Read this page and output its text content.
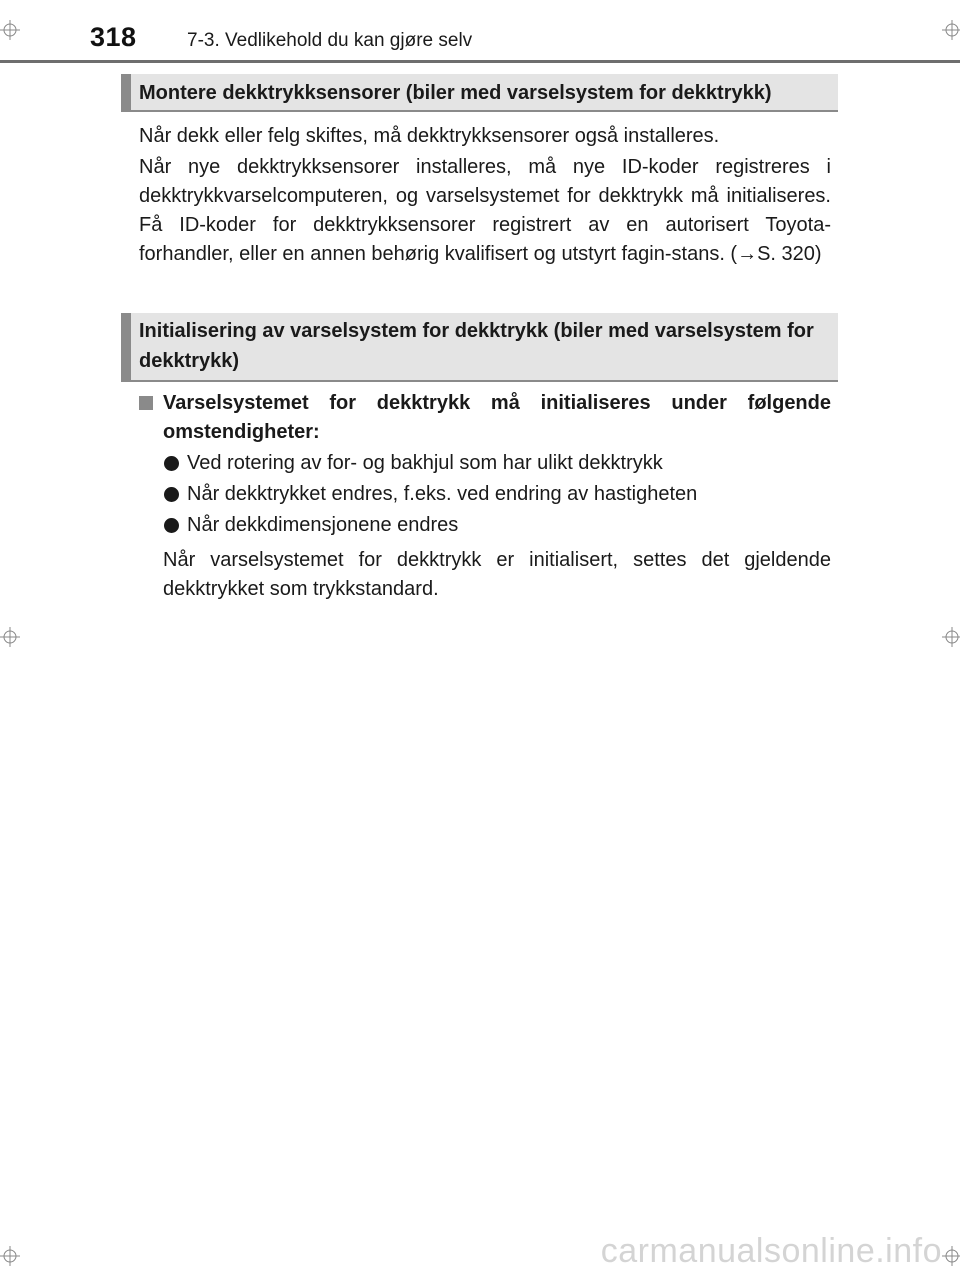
318	7-3. Vedlikehold du kan gjøre selv
Montere dekktrykksensorer (biler med varselsystem for dekktrykk)
Når dekk eller felg skiftes, må dekktrykksensorer også installeres.
Når nye dekktrykksensorer installeres, må nye ID-koder registreres i dekktrykkvarselcomputeren, og varselsystemet for dekktrykk må initialiseres. Få ID-koder for dekktrykksensorer registrert av en autorisert Toyota-forhandler, eller en annen behørig kvalifisert og utstyrt fagin-stans. (→S. 320)
Initialisering av varselsystem for dekktrykk (biler med varselsystem for dekktrykk)
Varselsystemet for dekktrykk må initialiseres under følgende omstendigheter:
Ved rotering av for- og bakhjul som har ulikt dekktrykk
Når dekktrykket endres, f.eks. ved endring av hastigheten
Når dekkdimensjonene endres
Når varselsystemet for dekktrykk er initialisert, settes det gjeldende dekktrykket som trykkstandard.
carmanualsonline.info
